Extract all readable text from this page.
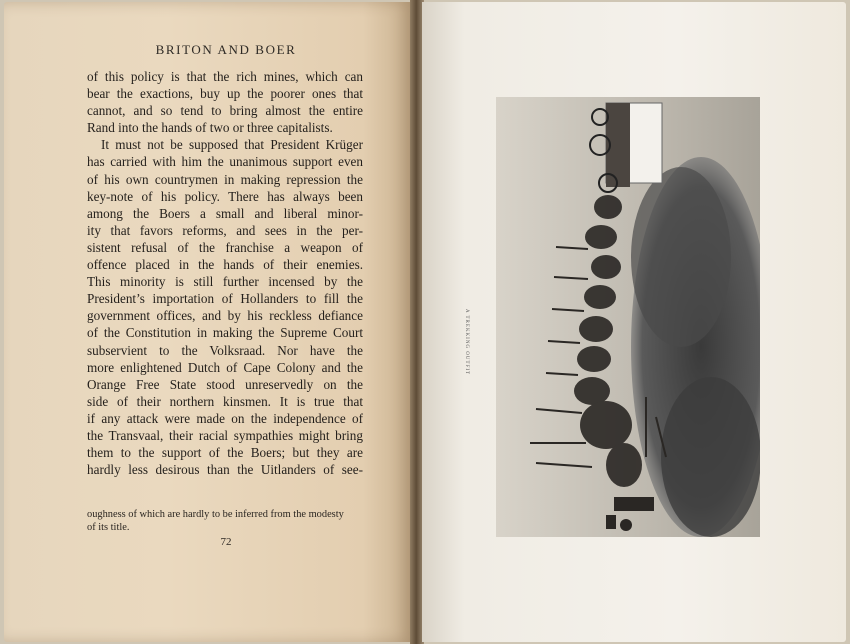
BRITON AND BOER
of this policy is that the rich mines, which can
bear the exactions, buy up the poorer ones that
cannot, and so tend to bring almost the entire
Rand into the hands of two or three capitalists.
It must not be supposed that President Krüger
has carried with him the unanimous support even
of his own countrymen in making repression the
key-note of his policy. There has always been
among the Boers a small and liberal minor-
ity that favors reforms, and sees in the per-
sistent refusal of the franchise a weapon of
offence placed in the hands of their enemies.
This minority is still further incensed by the
President’s importation of Hollanders to fill the
government offices, and by his reckless defiance
of the Constitution in making the Supreme Court
subservient to the Volksraad. Nor have the
more enlightened Dutch of Cape Colony and the
Orange Free State stood unreservedly on the
side of their northern kinsmen. It is true that
if any attack were made on the independence of
the Transvaal, their racial sympathies might bring
them to the support of the Boers; but they are
hardly less desirous than the Uitlanders of see-
oughness of which are hardly to be inferred from the modesty
of its title.
72
A TREKKING OUTFIT
